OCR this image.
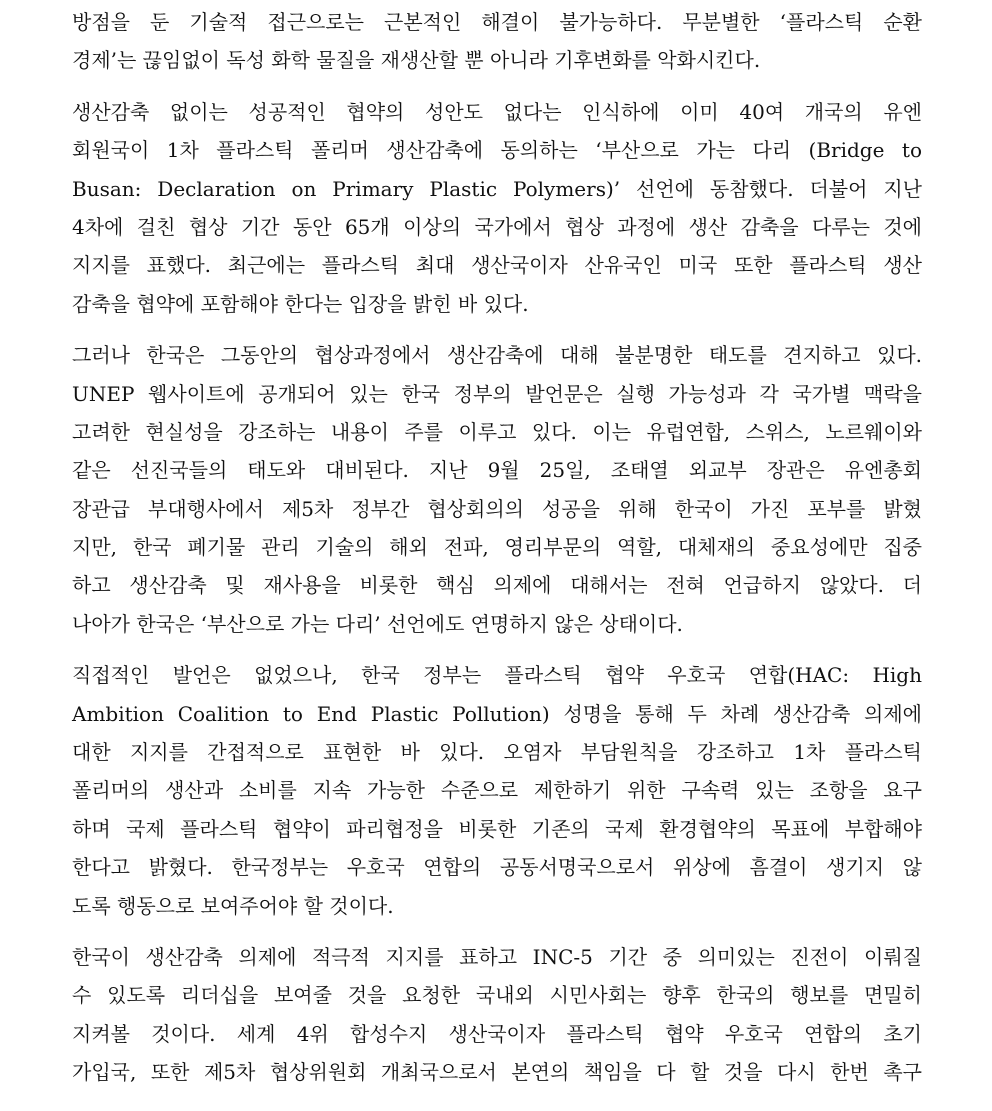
방점을 둔 기술적 접근으로는 근본적인 해결이 불가능하다. 무분별한 ‘플라스틱 순환
경제’는 끊임없이 독성 화학 물질을 재생산할 뿐 아니라 기후변화를 악화시킨다.
생산감축 없이는 성공적인 협약의 성안도 없다는 인식하에 이미 40여 개국의 유엔
회원국이 1차 플라스틱 폴리머 생산감축에 동의하는 ‘부산으로 가는 다리 (Bridge to
Busan: Declaration on Primary Plastic Polymers)’ 선언에 동참했다. 더불어 지난
4차에 걸친 협상 기간 동안 65개 이상의 국가에서 협상 과정에 생산 감축을 다루는 것에
지지를 표했다. 최근에는 플라스틱 최대 생산국이자 산유국인 미국 또한 플라스틱 생산
감축을 협약에 포함해야 한다는 입장을 밝힌 바 있다.
그러나 한국은 그동안의 협상과정에서 생산감축에 대해 불분명한 태도를 견지하고 있다.
UNEP 웹사이트에 공개되어 있는 한국 정부의 발언문은 실행 가능성과 각 국가별 맥락을
고려한 현실성을 강조하는 내용이 주를 이루고 있다. 이는 유럽연합, 스위스, 노르웨이와
같은 선진국들의 태도와 대비된다. 지난 9월 25일, 조태열 외교부 장관은 유엔총회
장관급 부대행사에서 제5차 정부간 협상회의의 성공을 위해 한국이 가진 포부를 밝혔
지만, 한국 폐기물 관리 기술의 해외 전파, 영리부문의 역할, 대체재의 중요성에만 집중
하고 생산감축 및 재사용을 비롯한 핵심 의제에 대해서는 전혀 언급하지 않았다. 더
나아가 한국은 ‘부산으로 가는 다리’ 선언에도 연명하지 않은 상태이다.
직접적인 발언은 없었으나, 한국 정부는 플라스틱 협약 우호국 연합(HAC: High
Ambition Coalition to End Plastic Pollution) 성명을 통해 두 차례 생산감축 의제에
대한 지지를 간접적으로 표현한 바 있다. 오염자 부담원칙을 강조하고 1차 플라스틱
폴리머의 생산과 소비를 지속 가능한 수준으로 제한하기 위한 구속력 있는 조항을 요구
하며 국제 플라스틱 협약이 파리협정을 비롯한 기존의 국제 환경협약의 목표에 부합해야
한다고 밝혔다. 한국정부는 우호국 연합의 공동서명국으로서 위상에 흠결이 생기지 않
도록 행동으로 보여주어야 할 것이다.
한국이 생산감축 의제에 적극적 지지를 표하고 INC-5 기간 중 의미있는 진전이 이뤄질
수 있도록 리더십을 보여줄 것을 요청한 국내외 시민사회는 향후 한국의 행보를 면밀히
지켜볼 것이다. 세계 4위 합성수지 생산국이자 플라스틱 협약 우호국 연합의 초기
가입국, 또한 제5차 협상위원회 개최국으로서 본연의 책임을 다 할 것을 다시 한번 촉구
